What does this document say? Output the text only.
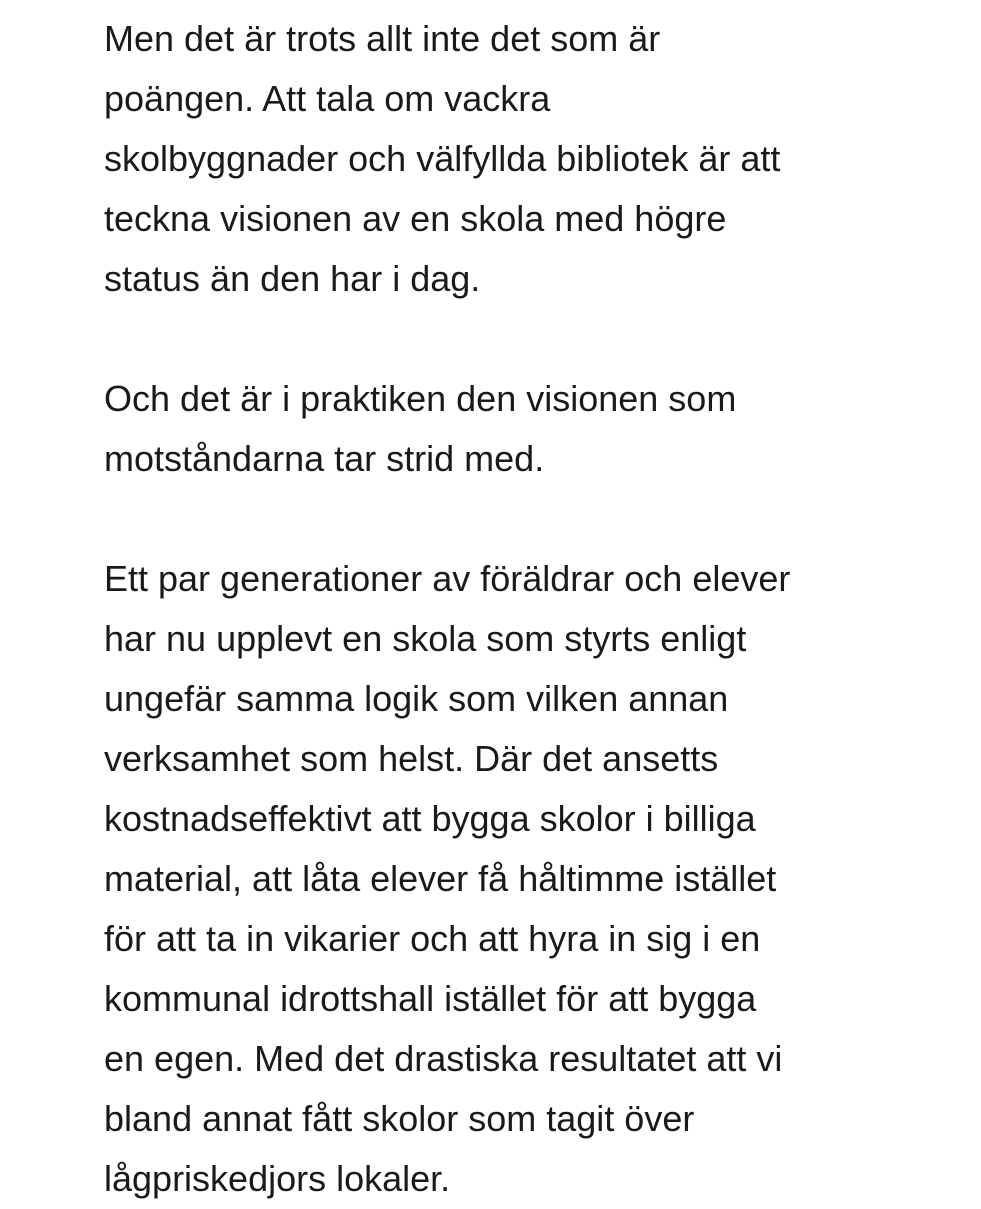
Men det är trots allt inte det som är
poängen. Att tala om vackra
skolbyggnader och välfyllda bibliotek är att
teckna visionen av en skola med högre
status än den har i dag.

Och det är i praktiken den visionen som
motståndarna tar strid med.

Ett par generationer av föräldrar och elever
har nu upplevt en skola som styrts enligt
ungefär samma logik som vilken annan
verksamhet som helst. Där det ansetts
kostnadseffektivt att bygga skolor i billiga
material, att låta elever få håltimme istället
för att ta in vikarier och att hyra in sig i en
kommunal idrottshall istället för att bygga
en egen. Med det drastiska resultatet att vi
bland annat fått skolor som tagit över
lågpriskedjors lokaler.
